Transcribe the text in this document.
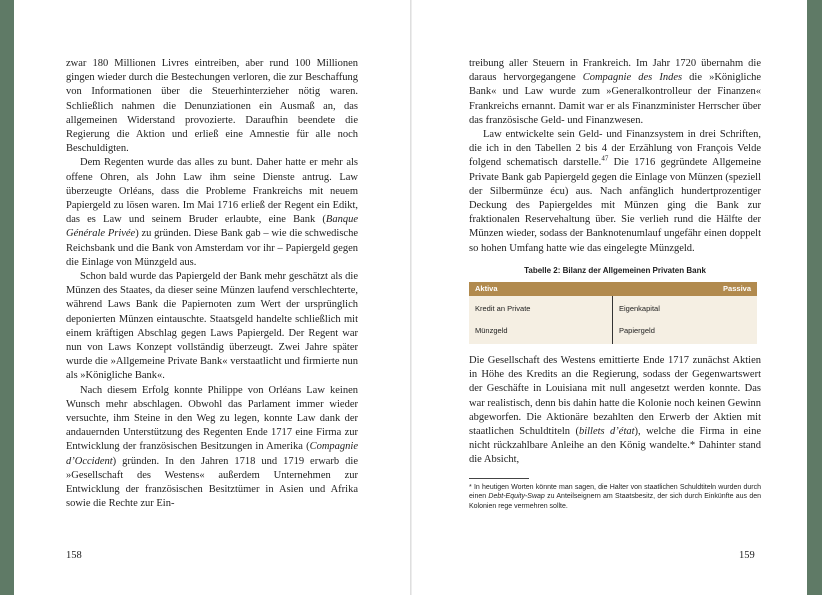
zwar 180 Millionen Livres eintreiben, aber rund 100 Millionen gingen wieder durch die Bestechungen verloren, die zur Beschaffung von Informationen über die Steuerhinterzieher nötig waren. Schließlich nahmen die Denunziationen ein Ausmaß an, das allgemeinen Widerstand provozierte. Daraufhin beendete die Regierung die Aktion und erließ eine Amnestie für alle noch Beschuldigten.

Dem Regenten wurde das alles zu bunt. Daher hatte er mehr als offene Ohren, als John Law ihm seine Dienste antrug. Law überzeugte Orléans, dass die Probleme Frankreichs mit neuem Papiergeld zu lösen waren. Im Mai 1716 erließ der Regent ein Edikt, das es Law und seinem Bruder erlaubte, eine Bank (Banque Générale Privée) zu gründen. Diese Bank gab – wie die schwedische Reichsbank und die Bank von Amsterdam vor ihr – Papiergeld gegen die Einlage von Münzgeld aus.

Schon bald wurde das Papiergeld der Bank mehr geschätzt als die Münzen des Staates, da dieser seine Münzen laufend verschlechterte, während Laws Bank die Papiernoten zum Wert der ursprünglich deponierten Münzen eintauschte. Staatsgeld handelte schließlich mit einem kräftigen Abschlag gegen Laws Papiergeld. Der Regent war nun von Laws Konzept vollständig überzeugt. Zwei Jahre später wurde die »Allgemeine Private Bank« verstaatlicht und firmierte nun als »Königliche Bank«.

Nach diesem Erfolg konnte Philippe von Orléans Law keinen Wunsch mehr abschlagen. Obwohl das Parlament immer wieder versuchte, ihm Steine in den Weg zu legen, konnte Law dank der andauernden Unterstützung des Regenten Ende 1717 eine Firma zur Entwicklung der französischen Besitzungen in Amerika (Compagnie d’Occident) gründen. In den Jahren 1718 und 1719 erwarb die »Gesellschaft des Westens« außerdem Unternehmen zur Entwicklung der französischen Besitztümer in Asien und Afrika sowie die Rechte zur Ein-

158

treibung aller Steuern in Frankreich. Im Jahr 1720 übernahm die daraus hervorgegangene Compagnie des Indes die »Königliche Bank« und Law wurde zum »Generalkontrolleur der Finanzen« Frankreichs ernannt. Damit war er als Finanzminister Herrscher über das französische Geld- und Finanzwesen.

Law entwickelte sein Geld- und Finanzsystem in drei Schriften, die ich in den Tabellen 2 bis 4 der Erzählung von François Velde folgend schematisch darstelle.$^{47}$ Die 1716 gegründete Allgemeine Private Bank gab Papiergeld gegen die Einlage von Münzen (speziell der Silbermünze écu) aus. Nach anfänglich hundertprozentiger Deckung des Papiergeldes mit Münzen ging die Bank zur fraktionalen Reservehaltung über. Sie verlieh rund die Hälfte der Münzen wieder, sodass der Banknotenumlauf ungefähr einen doppelt so hohen Umfang hatte wie das eingelegte Münzgeld.

Tabelle 2: Bilanz der Allgemeinen Privaten Bank
Aktiva	Passiva
Kredit an Private
Münzgeld
Eigenkapital
Papiergeld

Die Gesellschaft des Westens emittierte Ende 1717 zunächst Aktien in Höhe des Kredits an die Regierung, sodass der Gegenwartswert der Geschäfte in Louisiana mit null angesetzt werden konnte. Das war realistisch, denn bis dahin hatte die Kolonie noch keinen Gewinn abgeworfen. Die Aktionäre bezahlten den Erwerb der Aktien mit staatlichen Schuldtiteln (billets d’état), welche die Firma in eine nicht rückzahlbare Anleihe an den König wandelte.* Dahinter stand die Absicht,

* In heutigen Worten könnte man sagen, die Halter von staatlichen Schuldtiteln wurden durch einen Debt-Equity-Swap zu Anteilseignern am Staatsbesitz, der sich durch Einkünfte aus den Kolonien rege vermehren sollte.
159
